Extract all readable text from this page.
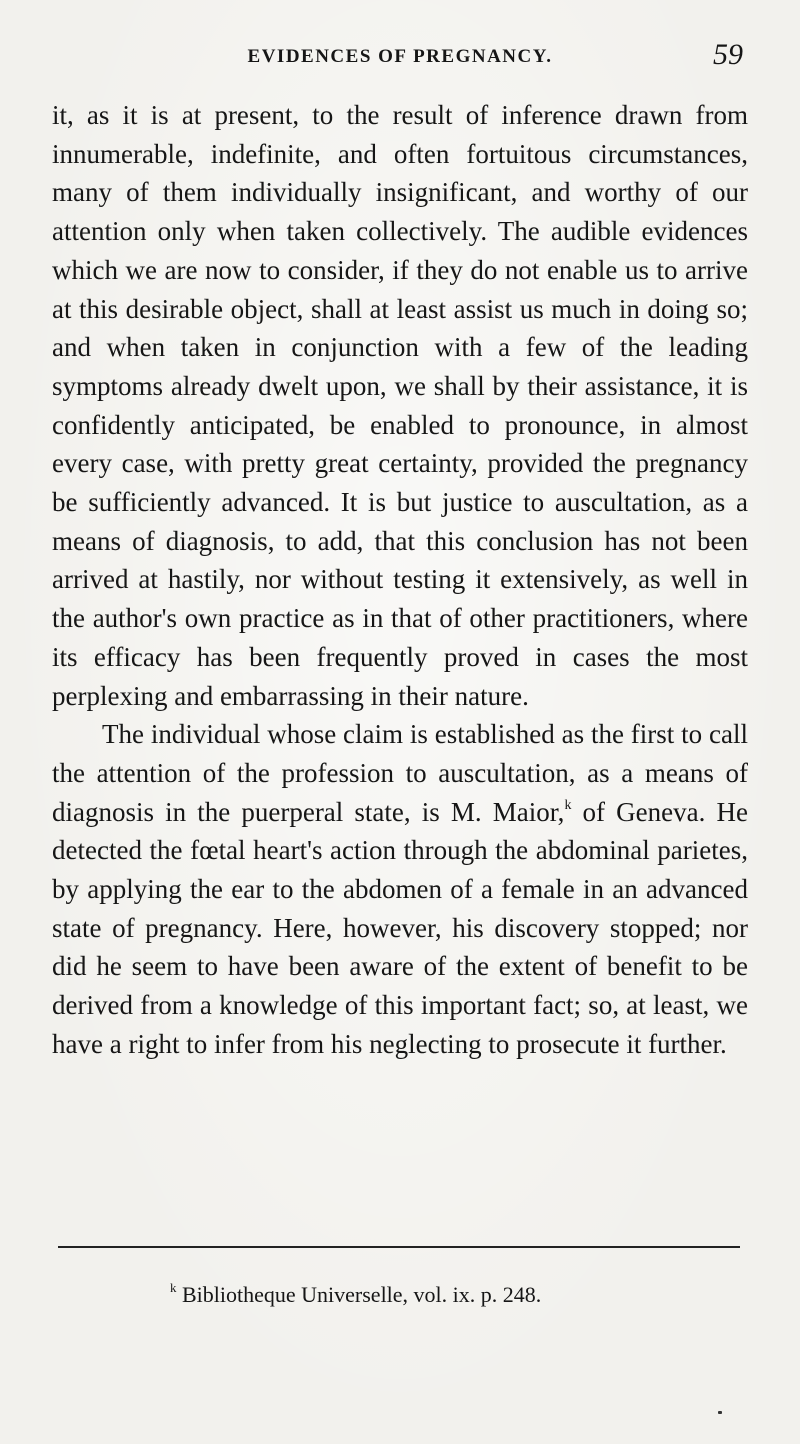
EVIDENCES OF PREGNANCY.	59

it, as it is at present, to the result of inference drawn from innumerable, indefinite, and often fortuitous circumstances, many of them individually insignificant, and worthy of our attention only when taken collectively. The audible evidences which we are now to consider, if they do not enable us to arrive at this desirable object, shall at least assist us much in doing so; and when taken in conjunction with a few of the leading symptoms already dwelt upon, we shall by their assistance, it is confidently anticipated, be enabled to pronounce, in almost every case, with pretty great certainty, provided the pregnancy be sufficiently advanced. It is but justice to auscultation, as a means of diagnosis, to add, that this conclusion has not been arrived at hastily, nor without testing it extensively, as well in the author's own practice as in that of other practitioners, where its efficacy has been frequently proved in cases the most perplexing and embarrassing in their nature.

The individual whose claim is established as the first to call the attention of the profession to auscultation, as a means of diagnosis in the puerperal state, is M. Maior,$^k$ of Geneva. He detected the fœtal heart's action through the abdominal parietes, by applying the ear to the abdomen of a female in an advanced state of pregnancy. Here, however, his discovery stopped; nor did he seem to have been aware of the extent of benefit to be derived from a knowledge of this important fact; so, at least, we have a right to infer from his neglecting to prosecute it further.

$^k$ Bibliotheque Universelle, vol. ix. p. 248.
